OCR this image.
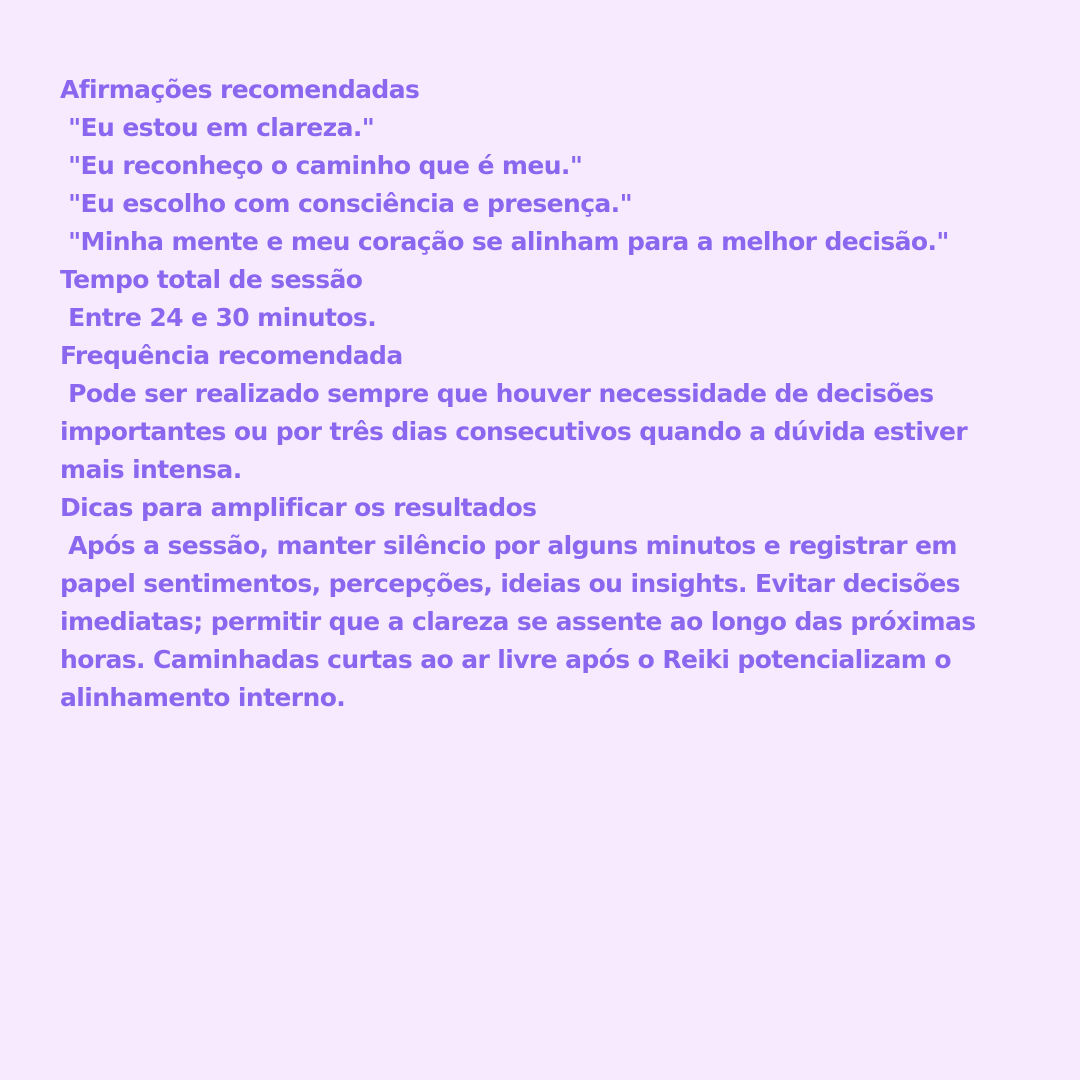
Afirmações recomendadas

"Eu estou em clareza."

"Eu reconheço o caminho que é meu."

"Eu escolho com consciência e presença."

"Minha mente e meu coração se alinham para a melhor decisão."

Tempo total de sessão

Entre 24 e 30 minutos.

Frequência recomendada

Pode ser realizado sempre que houver necessidade de decisões importantes ou por três dias consecutivos quando a dúvida estiver mais intensa.

Dicas para amplificar os resultados

Após a sessão, manter silêncio por alguns minutos e registrar em papel sentimentos, percepções, ideias ou insights. Evitar decisões imediatas; permitir que a clareza se assente ao longo das próximas horas. Caminhadas curtas ao ar livre após o Reiki potencializam o alinhamento interno.
